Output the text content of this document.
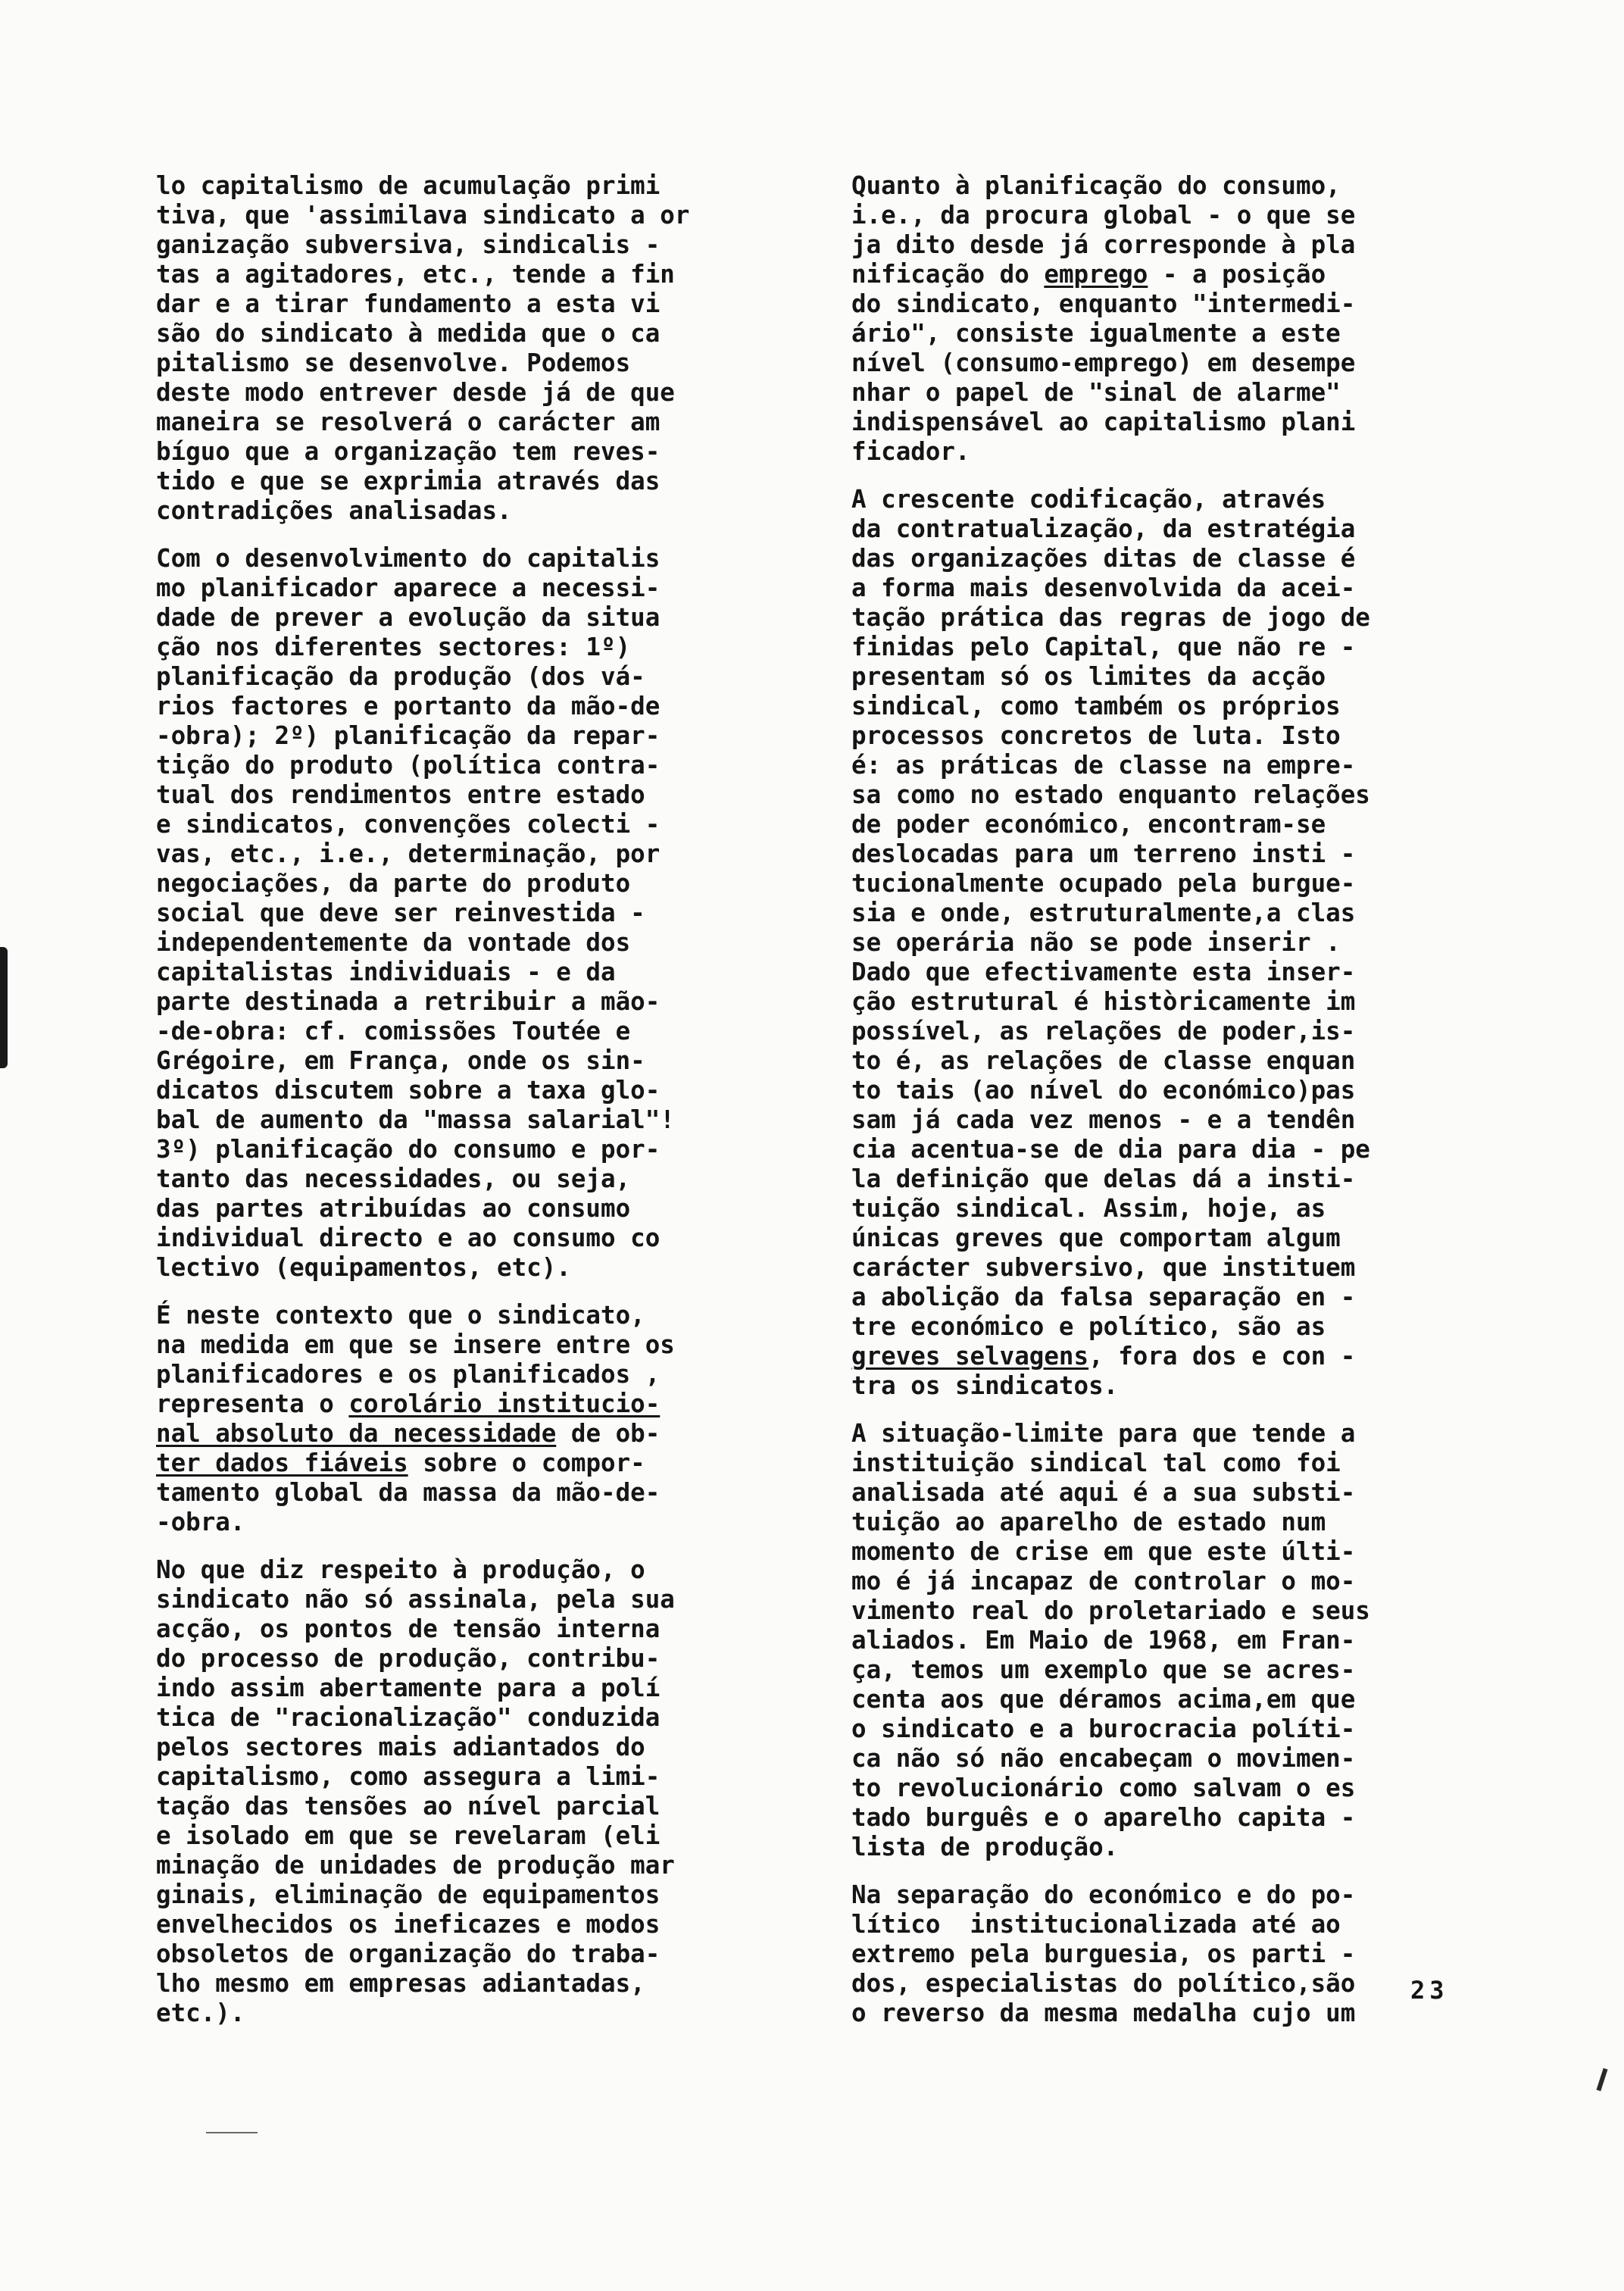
lo capitalismo de acumulação primi
tiva, que 'assimilava sindicato a or
ganização subversiva, sindicalis -
tas a agitadores, etc., tende a fin
dar e a tirar fundamento a esta vi
são do sindicato à medida que o ca
pitalismo se desenvolve. Podemos
deste modo entrever desde já de que
maneira se resolverá o carácter am
bíguo que a organização tem reves-
tido e que se exprimia através das
contradições analisadas.
Com o desenvolvimento do capitalis
mo planificador aparece a necessi-
dade de prever a evolução da situa
ção nos diferentes sectores: 1º)
planificação da produção (dos vá-
rios factores e portanto da mão-de
-obra); 2º) planificação da repar-
tição do produto (política contra-
tual dos rendimentos entre estado
e sindicatos, convenções colecti -
vas, etc., i.e., determinação, por
negociações, da parte do produto
social que deve ser reinvestida -
independentemente da vontade dos
capitalistas individuais - e da
parte destinada a retribuir a mão-
-de-obra: cf. comissões Toutée e
Grégoire, em França, onde os sin-
dicatos discutem sobre a taxa glo-
bal de aumento da "massa salarial"!
3º) planificação do consumo e por-
tanto das necessidades, ou seja,
das partes atribuídas ao consumo
individual directo e ao consumo co
lectivo (equipamentos, etc).
É neste contexto que o sindicato,
na medida em que se insere entre os
planificadores e os planificados ,
representa o corolário institucio-
nal absoluto da necessidade de ob-
ter dados fiáveis sobre o compor-
tamento global da massa da mão-de-
-obra.
No que diz respeito à produção, o
sindicato não só assinala, pela sua
acção, os pontos de tensão interna
do processo de produção, contribu-
indo assim abertamente para a polí
tica de "racionalização" conduzida
pelos sectores mais adiantados do
capitalismo, como assegura a limi-
tação das tensões ao nível parcial
e isolado em que se revelaram (eli
minação de unidades de produção mar
ginais, eliminação de equipamentos
envelhecidos os ineficazes e modos
obsoletos de organização do traba-
lho mesmo em empresas adiantadas,
etc.).
Quanto à planificação do consumo,
i.e., da procura global - o que se
ja dito desde já corresponde à pla
nificação do emprego - a posição
do sindicato, enquanto "intermedi-
ário", consiste igualmente a este
nível (consumo-emprego) em desempe
nhar o papel de "sinal de alarme"
indispensável ao capitalismo plani
ficador.
A crescente codificação, através
da contratualização, da estratégia
das organizações ditas de classe é
a forma mais desenvolvida da acei-
tação prática das regras de jogo de
finidas pelo Capital, que não re -
presentam só os limites da acção
sindical, como também os próprios
processos concretos de luta. Isto
é: as práticas de classe na empre-
sa como no estado enquanto relações
de poder económico, encontram-se
deslocadas para um terreno insti -
tucionalmente ocupado pela burgue-
sia e onde, estruturalmente,a clas
se operária não se pode inserir .
Dado que efectivamente esta inser-
ção estrutural é històricamente im
possível, as relações de poder,is-
to é, as relações de classe enquan
to tais (ao nível do económico)pas
sam já cada vez menos - e a tendên
cia acentua-se de dia para dia - pe
la definição que delas dá a insti-
tuição sindical. Assim, hoje, as
únicas greves que comportam algum
carácter subversivo, que instituem
a abolição da falsa separação en -
tre económico e político, são as
greves selvagens, fora dos e con -
tra os sindicatos.
A situação-limite para que tende a
instituição sindical tal como foi
analisada até aqui é a sua substi-
tuição ao aparelho de estado num
momento de crise em que este últi-
mo é já incapaz de controlar o mo-
vimento real do proletariado e seus
aliados. Em Maio de 1968, em Fran-
ça, temos um exemplo que se acres-
centa aos que déramos acima,em que
o sindicato e a burocracia políti-
ca não só não encabeçam o movimen-
to revolucionário como salvam o es
tado burguês e o aparelho capita -
lista de produção.
Na separação do económico e do po-
lítico  institucionalizada até ao
extremo pela burguesia, os parti -
dos, especialistas do político,são
o reverso da mesma medalha cujo um
23
